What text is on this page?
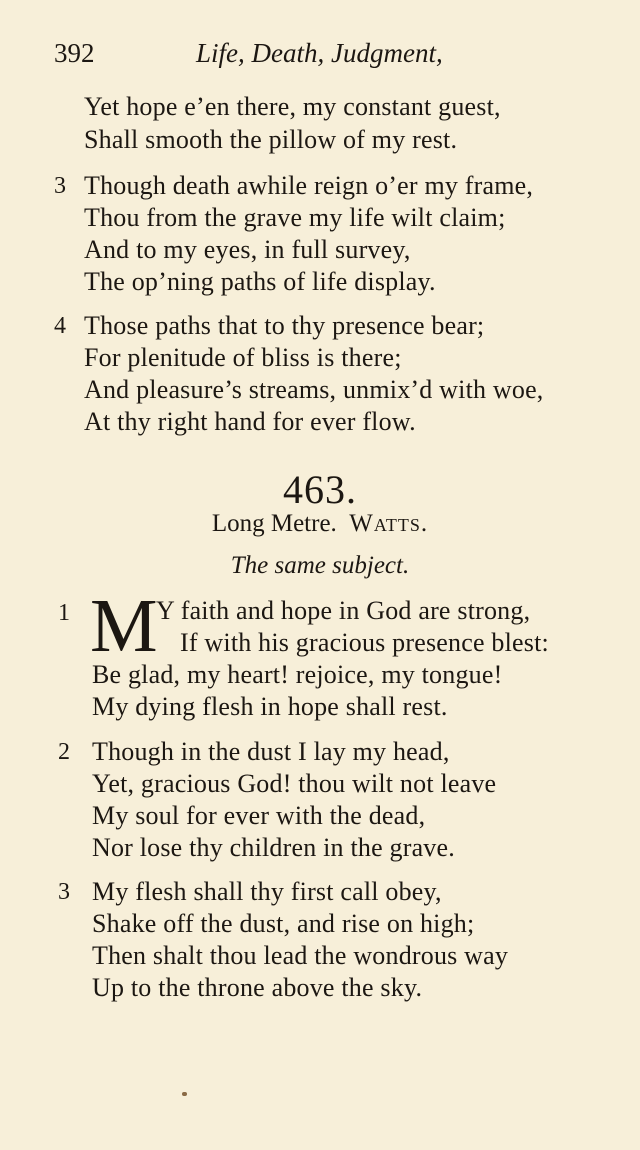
392	Life, Death, Judgment,
Yet hope e’en there, my constant guest,
Shall smooth the pillow of my rest.
3 Though death awhile reign o’er my frame,
Thou from the grave my life wilt claim;
And to my eyes, in full survey,
The op’ning paths of life display.
4 Those paths that to thy presence bear;
For plenitude of bliss is there;
And pleasure’s streams, unmix’d with woe,
At thy right hand for ever flow.
463.
Long Metre. Watts.
The same subject.
1 M
Y faith and hope in God are strong,
If with his gracious presence blest:
Be glad, my heart! rejoice, my tongue!
My dying flesh in hope shall rest.
2 Though in the dust I lay my head,
Yet, gracious God! thou wilt not leave
My soul for ever with the dead,
Nor lose thy children in the grave.
3 My flesh shall thy first call obey,
Shake off the dust, and rise on high;
Then shalt thou lead the wondrous way
Up to the throne above the sky.
